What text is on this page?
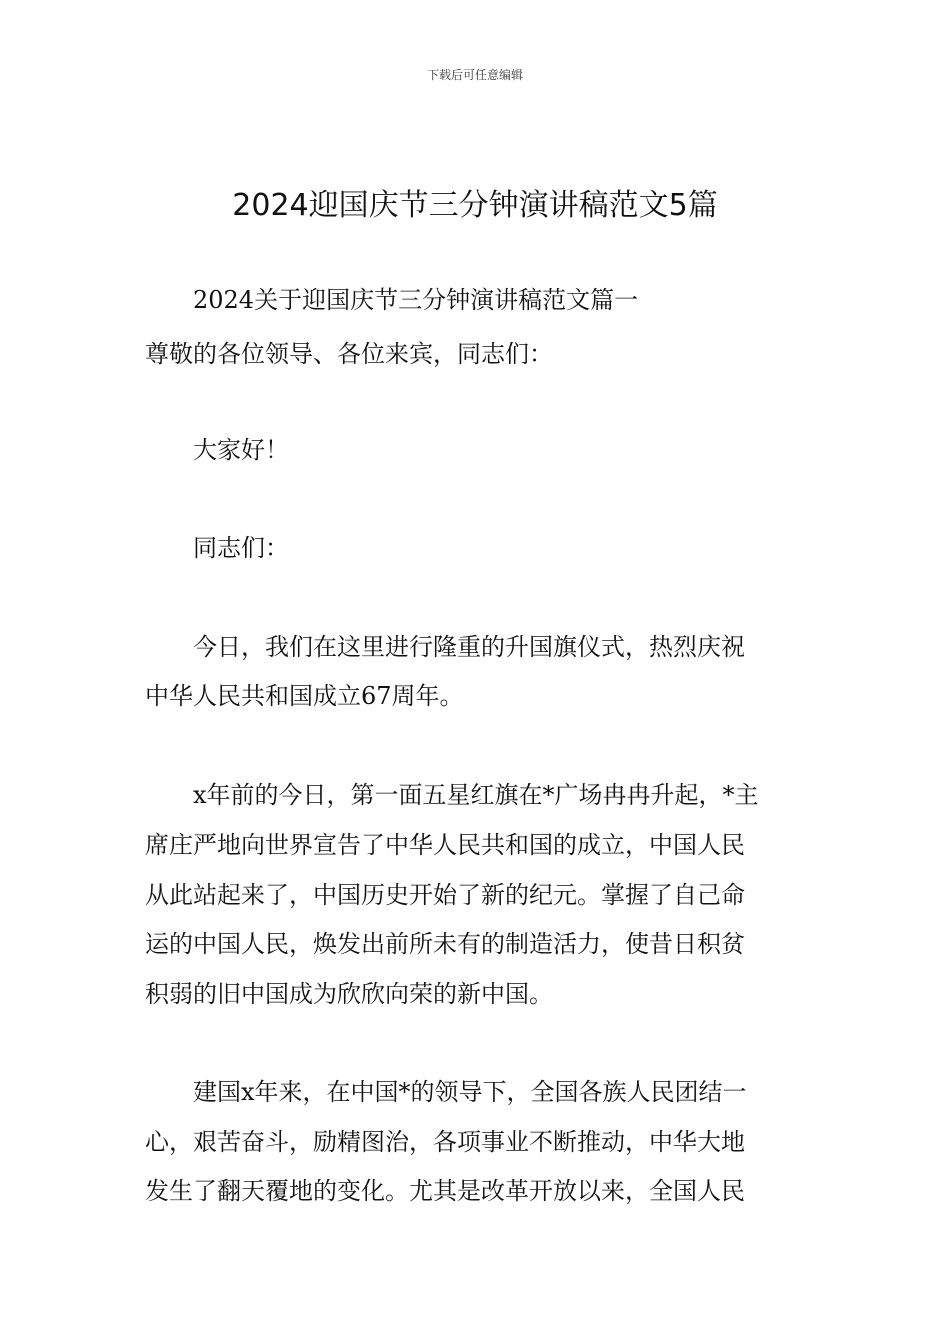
下载后可任意编辑
2024迎国庆节三分钟演讲稿范文5篇
2024关于迎国庆节三分钟演讲稿范文篇一
尊敬的各位领导、各位来宾，同志们：
大家好！
同志们：
今日，我们在这里进行隆重的升国旗仪式，热烈庆祝
中华人民共和国成立67周年。
x年前的今日，第一面五星红旗在*广场冉冉升起，*主
席庄严地向世界宣告了中华人民共和国的成立，中国人民
从此站起来了，中国历史开始了新的纪元。掌握了自己命
运的中国人民，焕发出前所未有的制造活力，使昔日积贫
积弱的旧中国成为欣欣向荣的新中国。
建国x年来，在中国*的领导下，全国各族人民团结一
心，艰苦奋斗，励精图治，各项事业不断推动，中华大地
发生了翻天覆地的变化。尤其是改革开放以来，全国人民
